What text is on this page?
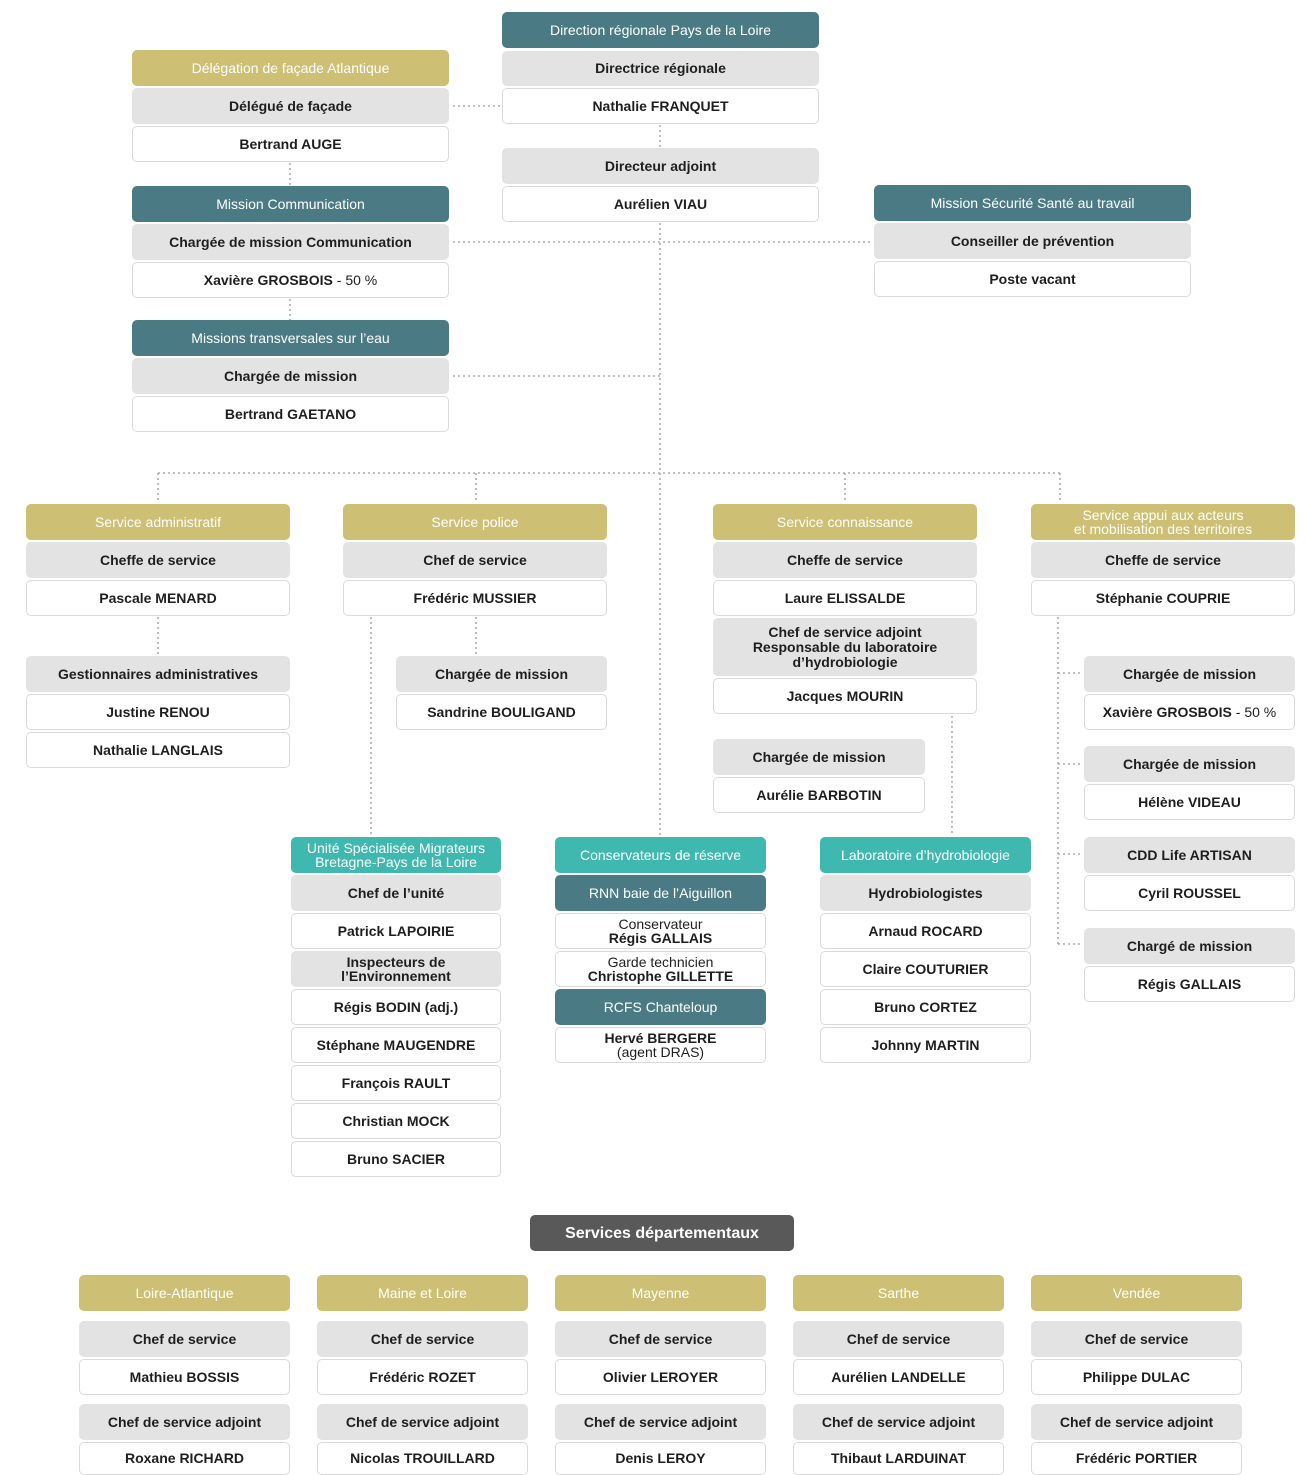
Direction régionale Pays de la Loire
Directrice régionale
Nathalie FRANQUET
Directeur adjoint
Aurélien VIAU
Délégation de façade Atlantique
Délégué de façade
Bertrand AUGE
Mission Communication
Chargée de mission Communication
Xavière GROSBOIS - 50 %
Missions transversales sur l’eau
Chargée de mission
Bertrand GAETANO
Mission Sécurité Santé au travail
Conseiller de prévention
Poste vacant
Service administratif
Cheffe de service
Pascale MENARD
Gestionnaires administratives
Justine RENOU
Nathalie LANGLAIS
Service police
Chef de service
Frédéric MUSSIER
Chargée de mission
Sandrine BOULIGAND
Unité Spécialisée Migrateurs
Bretagne-Pays de la Loire
Chef de l’unité
Patrick LAPOIRIE
Inspecteurs de
l’Environnement
Régis BODIN (adj.)
Stéphane MAUGENDRE
François RAULT
Christian MOCK
Bruno SACIER
Conservateurs de réserve
RNN baie de l’Aiguillon
Conservateur
Régis GALLAIS
Garde technicien
Christophe GILLETTE
RCFS Chanteloup
Hervé BERGERE
(agent DRAS)
Service connaissance
Cheffe de service
Laure ELISSALDE
Chef de service adjoint
Responsable du laboratoire
d’hydrobiologie
Jacques MOURIN
Chargée de mission
Aurélie BARBOTIN
Laboratoire d’hydrobiologie
Hydrobiologistes
Arnaud ROCARD
Claire COUTURIER
Bruno CORTEZ
Johnny MARTIN
Service appui aux acteurs
et mobilisation des territoires
Cheffe de service
Stéphanie COUPRIE
Chargée de mission
Xavière GROSBOIS - 50 %
Chargée de mission
Hélène VIDEAU
CDD Life ARTISAN
Cyril ROUSSEL
Chargé de mission
Régis GALLAIS
Services départementaux
Loire-Atlantique
Chef de service
Mathieu BOSSIS
Chef de service adjoint
Roxane RICHARD
Maine et Loire
Chef de service
Frédéric ROZET
Chef de service adjoint
Nicolas TROUILLARD
Mayenne
Chef de service
Olivier LEROYER
Chef de service adjoint
Denis LEROY
Sarthe
Chef de service
Aurélien LANDELLE
Chef de service adjoint
Thibaut LARDUINAT
Vendée
Chef de service
Philippe DULAC
Chef de service adjoint
Frédéric PORTIER
